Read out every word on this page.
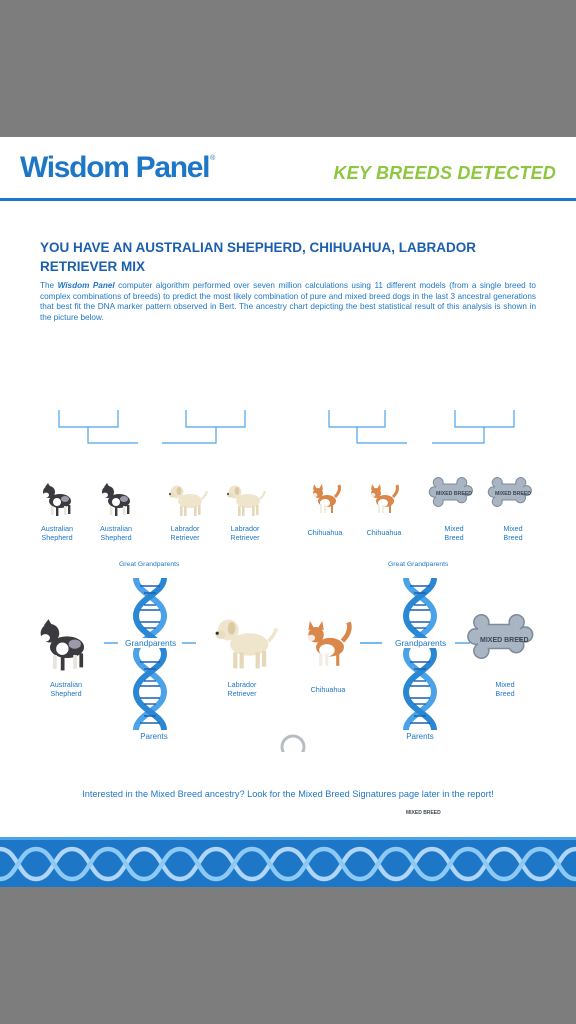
Wisdom Panel®
KEY BREEDS DETECTED
YOU HAVE AN AUSTRALIAN SHEPHERD, CHIHUAHUA, LABRADOR RETRIEVER MIX

The Wisdom Panel computer algorithm performed over seven million calculations using 11 different models (from a single breed to complex combinations of breeds) to predict the most likely combination of pure and mixed breed dogs in the last 3 ancestral generations that best fit the DNA marker pattern observed in Bert. The ancestry chart depicting the best statistical result of this analysis is shown in the picture below.

Australian
Shepherd
Australian
Shepherd
Labrador
Retriever
Labrador
Retriever
Chihuahua	Chihuahua	Mixed
Breed
Mixed
Breed
MIXED BREED	MIXED BREED
Great Grandparents	Great Grandparents
Grandparents	Grandparents	MIXED BREED
Australian
Shepherd
Labrador
Retriever	Chihuahua
Mixed
Breed
Parents	Parents
MIXED BREED

Bert
Interested in the Mixed Breed ancestry? Look for the Mixed Breed Signatures page later in the report!
